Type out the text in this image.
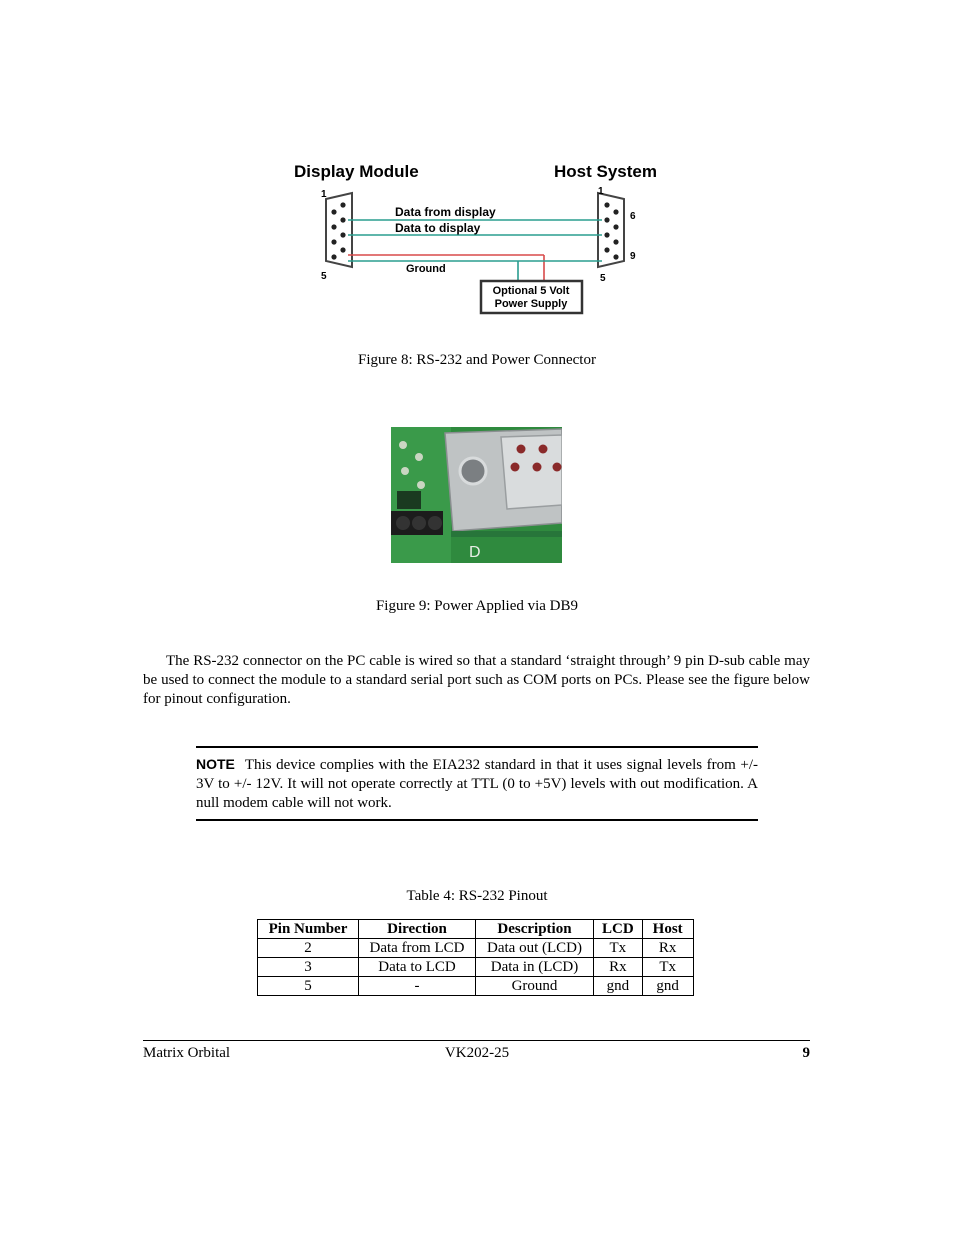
Display Module	Host System
1
5
1
6
9
5
Data from display
Data to display
Ground
Optional 5 Volt
Power Supply
Figure 8: RS-232 and Power Connector
D
Figure 9: Power Applied via DB9
The RS-232 connector on the PC cable is wired so that a standard ‘straight through’ 9 pin D-sub cable may be used to connect the module to a standard serial port such as COM ports on PCs. Please see the figure below for pinout configuration.
NOTE This device complies with the EIA232 standard in that it uses signal levels from +/- 3V to +/- 12V. It will not operate correctly at TTL (0 to +5V) levels with out modification. A null modem cable will not work.
Table 4: RS-232 Pinout
Pin Number	Direction	Description	LCD	Host
2	Data from LCD	Data out (LCD)	Tx	Rx
3	Data to LCD	Data in (LCD)	Rx	Tx
5	-	Ground	gnd	gnd
Matrix Orbital	VK202-25	9
